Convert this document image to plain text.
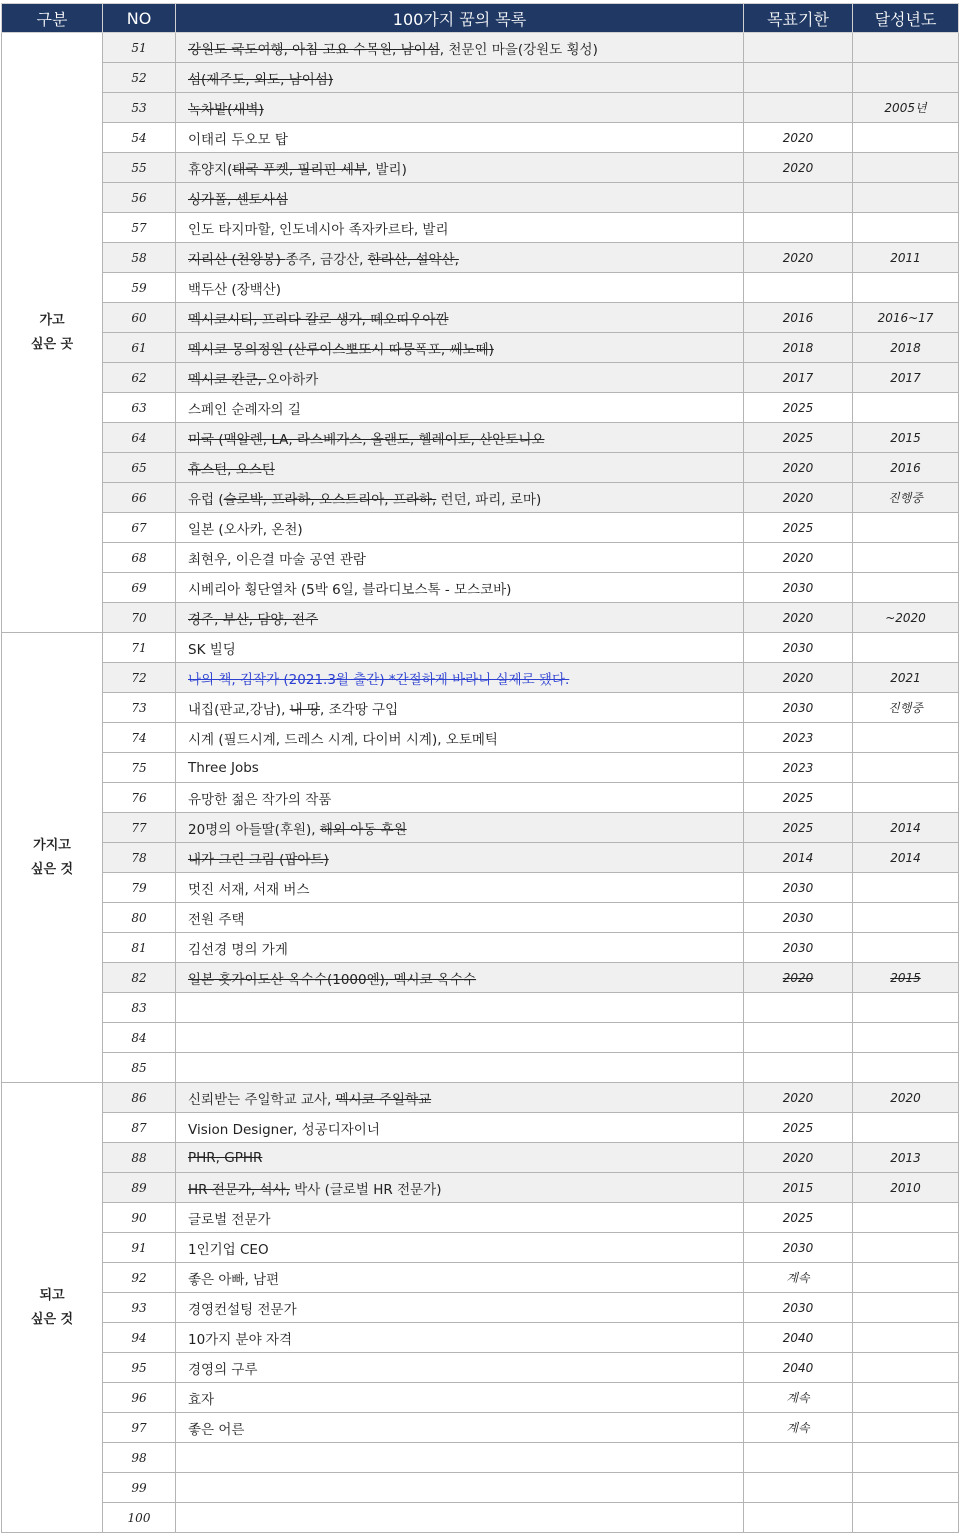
구분	NO	100가지 꿈의 목록	목표기한	달성년도
가고
싶은 곳	51	강원도 국도여행, 아침 고요 수목원, 남이섬, 천문인 마을(강원도 횡성)		
	52	섬(제주도, 외도, 남이섬)		
	53	녹차밭(새벽)		2005년
	54	이태리 두오모 탑	2020	
	55	휴양지(태국 푸켓, 필리핀 세부, 발리)	2020	
	56	싱가폴, 센토사섬		
	57	인도 타지마할, 인도네시아 족자카르타, 발리		
	58	지리산 (천왕봉) 종주, 금강산, 한라산, 설악산,	2020	2011
	59	백두산 (장백산)		
	60	멕시코시티, 프리다 칼로 생가, 떼오띠우아깐	2016	2016~17
	61	멕시코 몽의정원 (산루이스뽀또시 따뭉폭포, 쎄노떼)	2018	2018
	62	멕시코 칸쿤, 오아하카	2017	2017
	63	스페인 순례자의 길	2025	
	64	미국 (맥알렌, LA, 라스베가스, 올랜도, 헬레이토, 산안토니오	2025	2015
	65	휴스턴, 오스틴	2020	2016
	66	유럽 (슬로박, 프라하, 오스트리아, 프라하, 런던, 파리, 로마)	2020	진행중
	67	일본 (오사카, 온천)	2025	
	68	최현우, 이은결 마술 공연 관람	2020	
	69	시베리아 횡단열차 (5박 6일, 블라디보스톡 - 모스코바)	2030	
	70	경주, 부산, 담양, 전주	2020	~2020
가지고
싶은 것	71	SK 빌딩	2030	
	72	나의 책, 김작가 (2021.3월 출간) *간절하게 바라니 실제로 됐다.	2020	2021
	73	내집(판교,강남), 내 땅, 조각땅 구입	2030	진행중
	74	시계 (필드시계, 드레스 시계, 다이버 시계), 오토메틱	2023	
	75	Three Jobs	2023	
	76	유망한 젊은 작가의 작품	2025	
	77	20명의 아들딸(후원), 해외 아동 후원	2025	2014
	78	내가 그린 그림 (팝아트)	2014	2014
	79	멋진 서재, 서재 버스	2030	
	80	전원 주택	2030	
	81	김선경 명의 가게	2030	
	82	일본 홋가이도산 옥수수(1000엔), 멕시코 옥수수	2020	2015
	83			
	84			
	85			
되고
싶은 것	86	신뢰받는 주일학교 교사, 멕시코 주일학교	2020	2020
	87	Vision Designer, 성공디자이너	2025	
	88	PHR, GPHR	2020	2013
	89	HR 전문가, 석사, 박사 (글로벌 HR 전문가)	2015	2010
	90	글로벌 전문가	2025	
	91	1인기업 CEO	2030	
	92	좋은 아빠, 남편	계속	
	93	경영컨설팅 전문가	2030	
	94	10가지 분야 자격	2040	
	95	경영의 구루	2040	
	96	효자	계속	
	97	좋은 어른	계속	
	98			
	99			
	100			
